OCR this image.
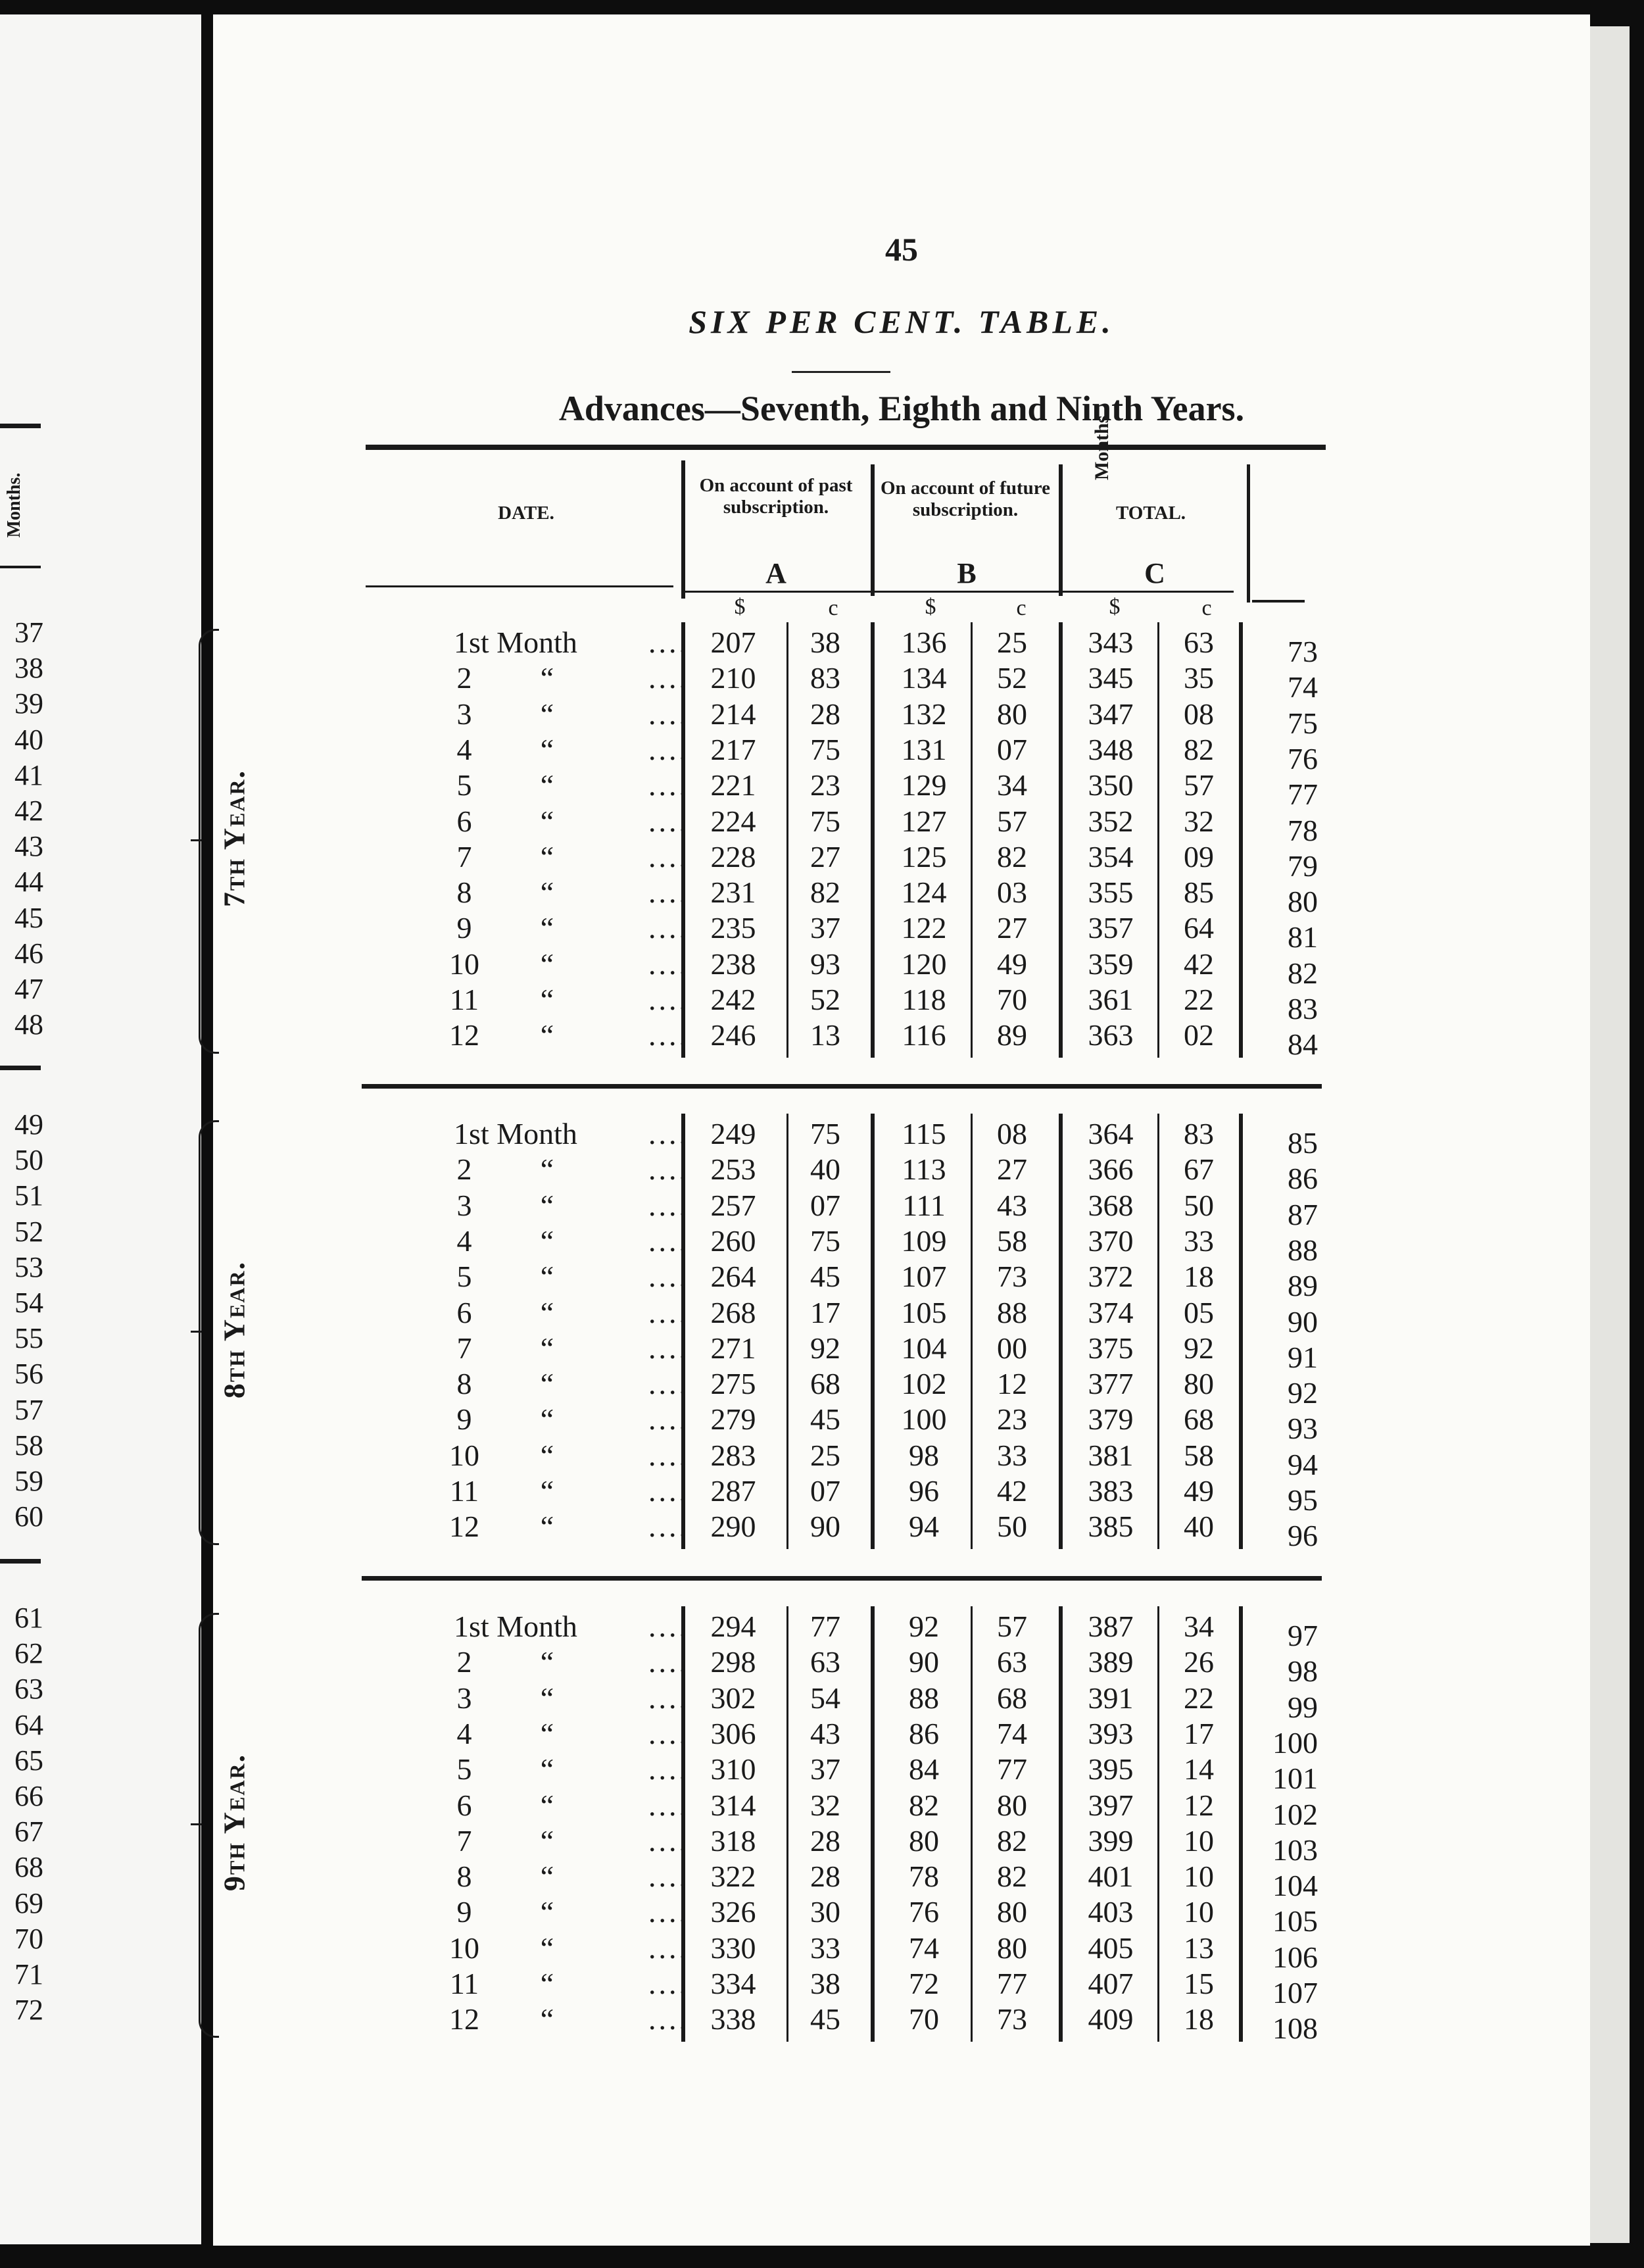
Months.
37
38
39
40
41
42
43
44
45
46
47
48
49
50
51
52
53
54
55
56
57
58
59
60
61
62
63
64
65
66
67
68
69
70
71
72
45
SIX PER CENT. TABLE.
Advances—Seventh, Eighth and Ninth Years.
DATE.
On account of past subscription.
A
On account of future subscription.
B
TOTAL.
C
Months.
$	c	$	c	$	c
7th Year.
1st Month	.... 207	38	136	25	343	63	73
2	“	.... 210	83	134	52	345	35	74
3	“	.... 214	28	132	80	347	08	75
4	“	.... 217	75	131	07	348	82	76
5	“	.... 221	23	129	34	350	57	77
6	“	.... 224	75	127	57	352	32	78
7	“	.... 228	27	125	82	354	09	79
8	“	.... 231	82	124	03	355	85	80
9	“	.... 235	37	122	27	357	64	81
10 “	.... 238	93	120	49	359	42	82
11 “	.... 242	52	118	70	361	22	83
12 “	.... 246	13	116	89	363	02	84
8th Year.
1st Month	.... 249	75	115	08	364	83	85
2	“	.... 253	40	113	27	366	67	86
3	“	.... 257	07	111	43	368	50	87
4	“	.... 260	75	109	58	370	33	88
5	“	.... 264	45	107	73	372	18	89
6	“	.... 268	17	105	88	374	05	90
7	“	.... 271	92	104	00	375	92	91
8	“	.... 275	68	102	12	377	80	92
9	“	.... 279	45	100	23	379	68	93
10 “	.... 283	25	98	33	381	58	94
11 “	.... 287	07	96	42	383	49	95
12 “	.... 290	90	94	50	385	40	96
9th Year.
1st Month	.... 294	77	92	57	387	34	97
2	“	.... 298	63	90	63	389	26	98
3	“	.... 302	54	88	68	391	22	99
4	“	.... 306	43	86	74	393	17	100
5	“	.... 310	37	84	77	395	14	101
6	“	.... 314	32	82	80	397	12	102
7	“	.... 318	28	80	82	399	10	103
8	“	.... 322	28	78	82	401	10	104
9	“	.... 326	30	76	80	403	10	105
10 “	.... 330	33	74	80	405	13	106
11 “	.... 334	38	72	77	407	15	107
12 “	.... 338	45	70	73	409	18	108
